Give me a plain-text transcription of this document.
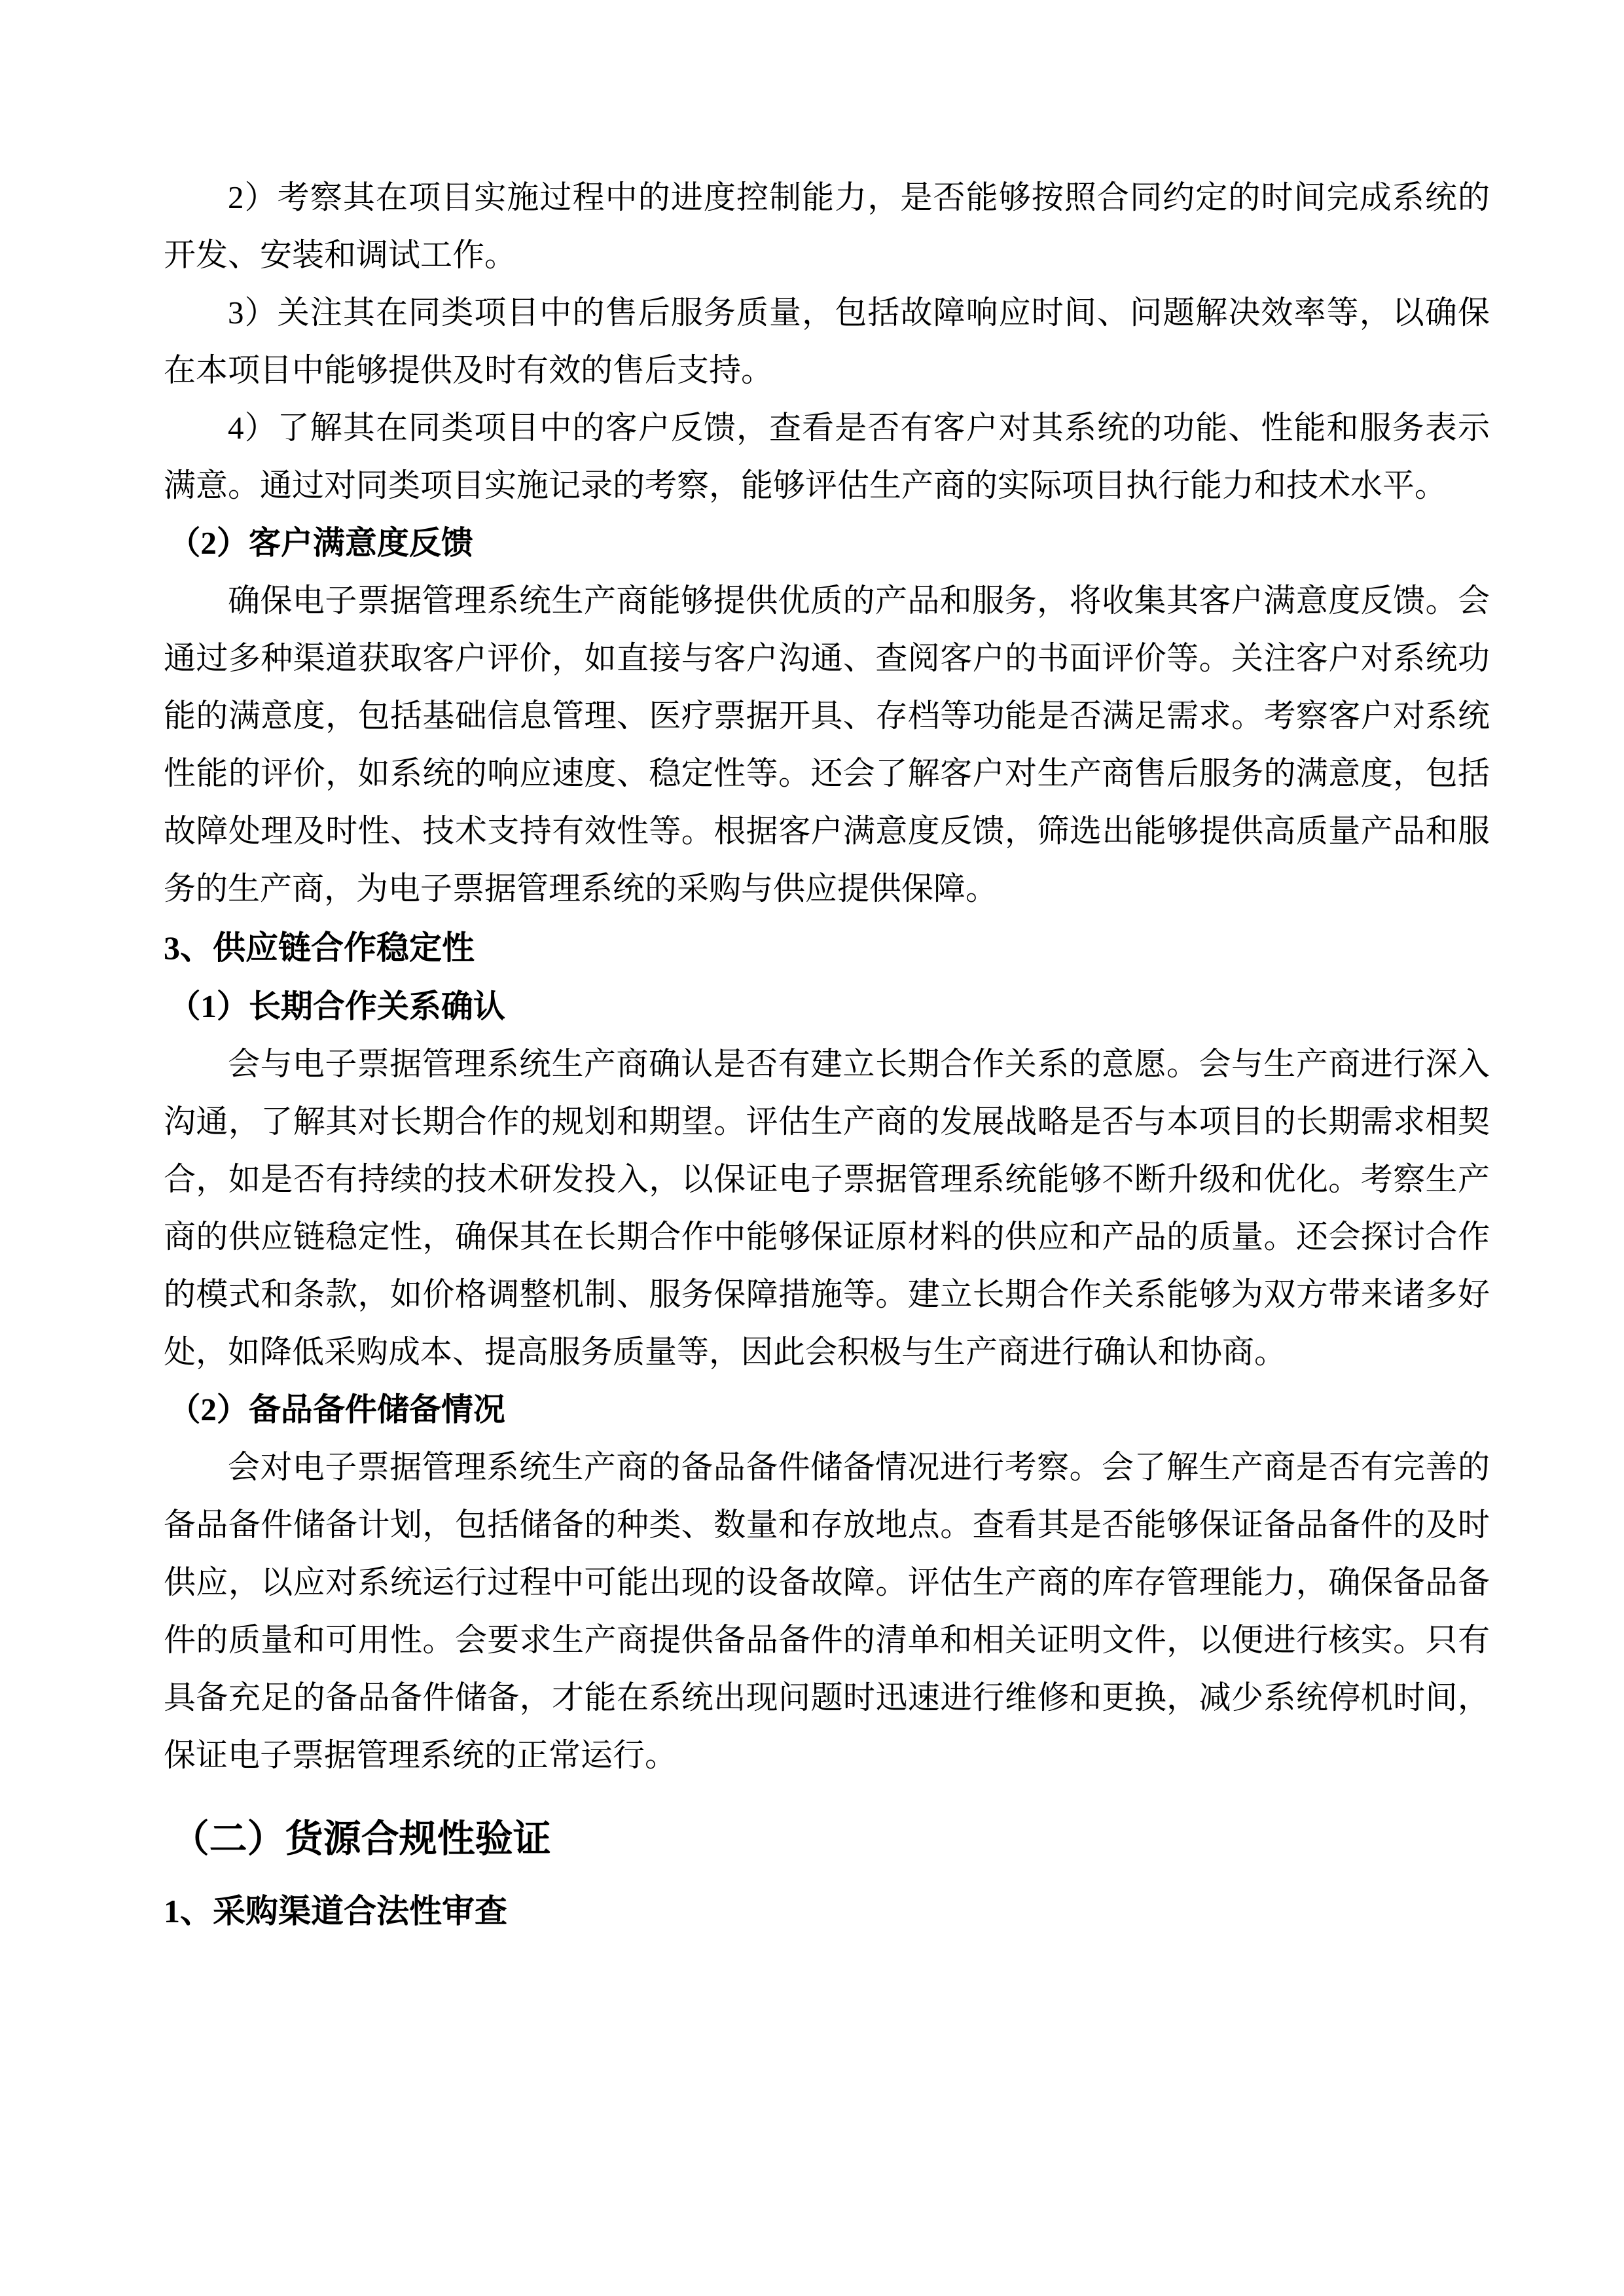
2）考察其在项目实施过程中的进度控制能力，是否能够按照合同约定的时间完成系统的开发、安装和调试工作。

3）关注其在同类项目中的售后服务质量，包括故障响应时间、问题解决效率等，以确保在本项目中能够提供及时有效的售后支持。

4）了解其在同类项目中的客户反馈，查看是否有客户对其系统的功能、性能和服务表示满意。通过对同类项目实施记录的考察，能够评估生产商的实际项目执行能力和技术水平。

（2）客户满意度反馈

确保电子票据管理系统生产商能够提供优质的产品和服务，将收集其客户满意度反馈。会通过多种渠道获取客户评价，如直接与客户沟通、查阅客户的书面评价等。关注客户对系统功能的满意度，包括基础信息管理、医疗票据开具、存档等功能是否满足需求。考察客户对系统性能的评价，如系统的响应速度、稳定性等。还会了解客户对生产商售后服务的满意度，包括故障处理及时性、技术支持有效性等。根据客户满意度反馈，筛选出能够提供高质量产品和服务的生产商，为电子票据管理系统的采购与供应提供保障。

3、供应链合作稳定性
（1）长期合作关系确认

会与电子票据管理系统生产商确认是否有建立长期合作关系的意愿。会与生产商进行深入沟通，了解其对长期合作的规划和期望。评估生产商的发展战略是否与本项目的长期需求相契合，如是否有持续的技术研发投入，以保证电子票据管理系统能够不断升级和优化。考察生产商的供应链稳定性，确保其在长期合作中能够保证原材料的供应和产品的质量。还会探讨合作的模式和条款，如价格调整机制、服务保障措施等。建立长期合作关系能够为双方带来诸多好处，如降低采购成本、提高服务质量等，因此会积极与生产商进行确认和协商。

（2）备品备件储备情况

会对电子票据管理系统生产商的备品备件储备情况进行考察。会了解生产商是否有完善的备品备件储备计划，包括储备的种类、数量和存放地点。查看其是否能够保证备品备件的及时供应，以应对系统运行过程中可能出现的设备故障。评估生产商的库存管理能力，确保备品备件的质量和可用性。会要求生产商提供备品备件的清单和相关证明文件，以便进行核实。只有具备充足的备品备件储备，才能在系统出现问题时迅速进行维修和更换，减少系统停机时间，保证电子票据管理系统的正常运行。

（二）货源合规性验证
1、采购渠道合法性审查
